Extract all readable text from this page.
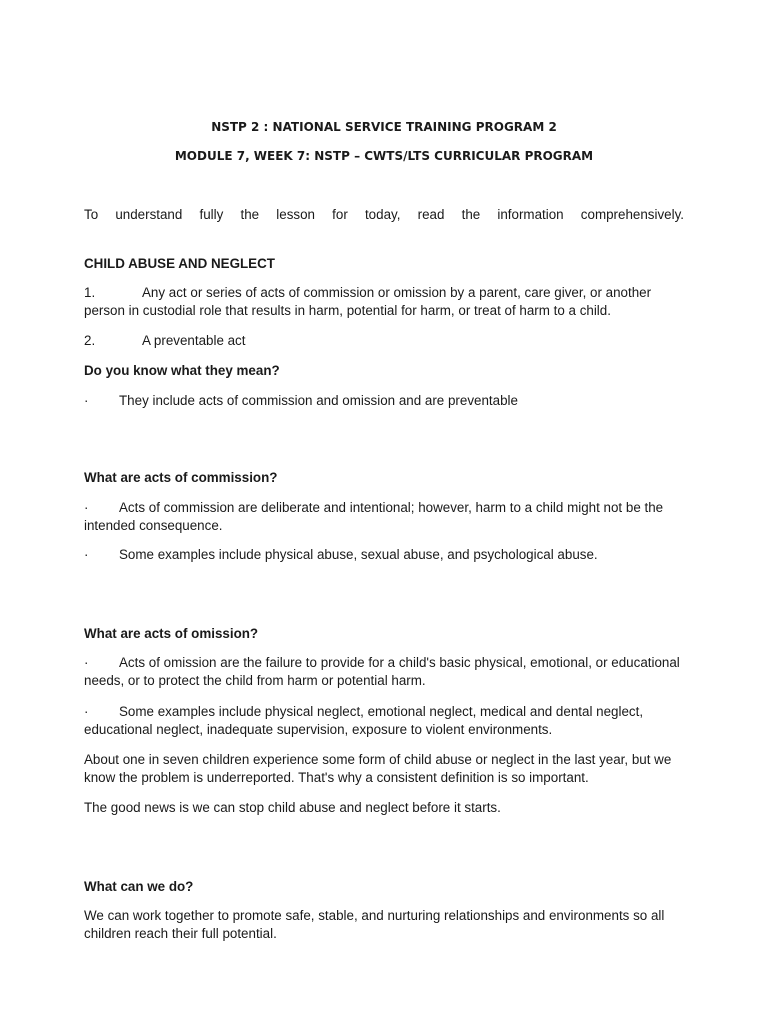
NSTP 2 : NATIONAL SERVICE TRAINING PROGRAM 2
MODULE 7, WEEK 7: NSTP – CWTS/LTS CURRICULAR PROGRAM
To understand fully the lesson for today, read the information comprehensively.
CHILD ABUSE AND NEGLECT
1.	Any act or series of acts of commission or omission by a parent, care giver, or another person in custodial role that results in harm, potential for harm, or treat of harm to a child.
2.	A preventable act
Do you know what they mean?
· They include acts of commission and omission and are preventable
What are acts of commission?
· Acts of commission are deliberate and intentional; however, harm to a child might not be the intended consequence.
· Some examples include physical abuse, sexual abuse, and psychological abuse.
What are acts of omission?
· Acts of omission are the failure to provide for a child's basic physical, emotional, or educational needs, or to protect the child from harm or potential harm.
· Some examples include physical neglect, emotional neglect, medical and dental neglect, educational neglect, inadequate supervision, exposure to violent environments.
About one in seven children experience some form of child abuse or neglect in the last year, but we know the problem is underreported. That's why a consistent definition is so important.
The good news is we can stop child abuse and neglect before it starts.
What can we do?
We can work together to promote safe, stable, and nurturing relationships and environments so all children reach their full potential.
